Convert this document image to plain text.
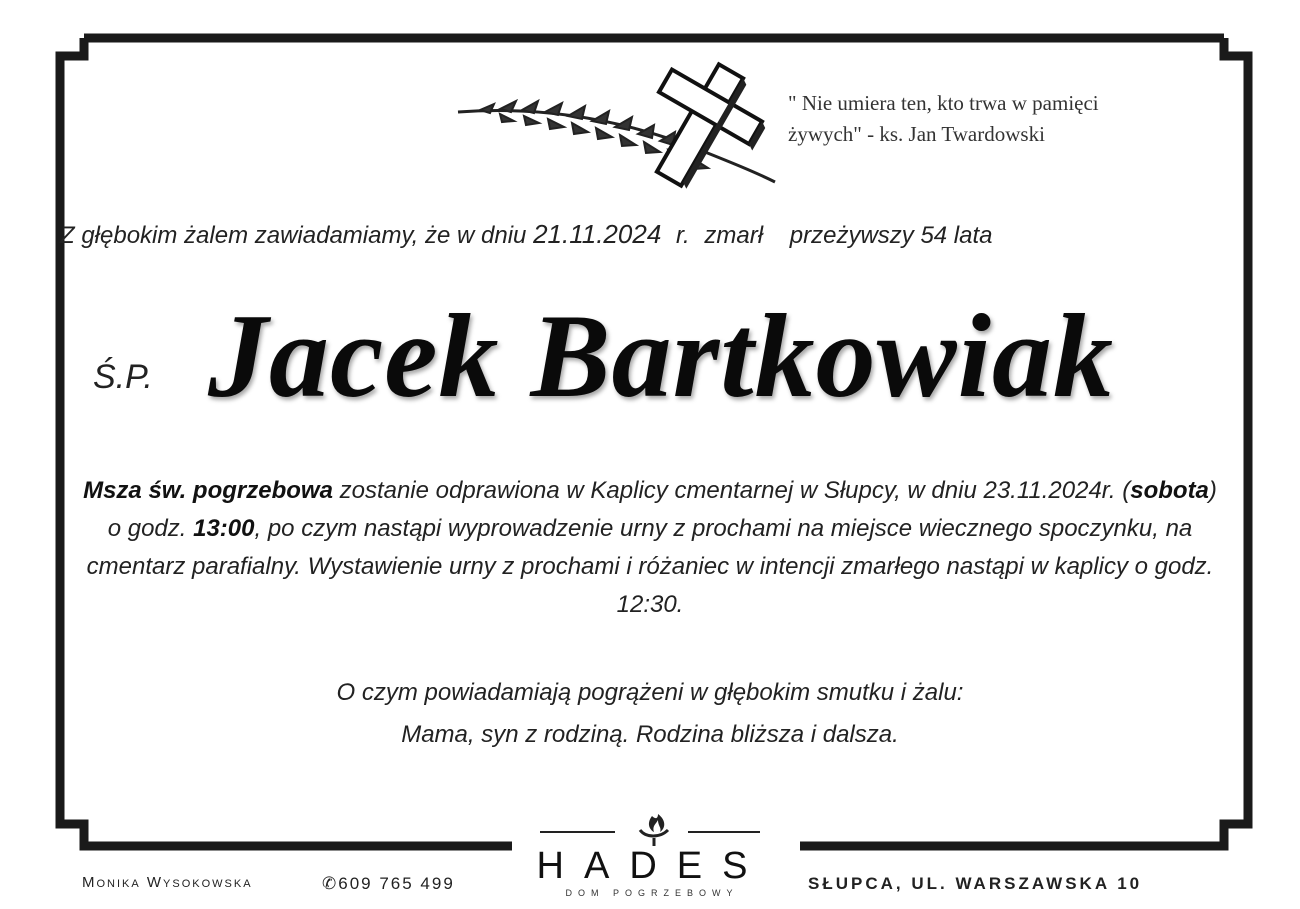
" Nie umiera ten, kto trwa w pamięci
żywych" - ks. Jan Twardowski
Z głębokim żalem zawiadamiamy, że w dniu 21.11.2024 r. zmarł przeżywszy 54 lata
Ś.P. Jacek Bartkowiak
Msza św. pogrzebowa zostanie odprawiona w Kaplicy cmentarnej w Słupcy, w dniu 23.11.2024r. (sobota) o godz. 13:00, po czym nastąpi wyprowadzenie urny z prochami na miejsce wiecznego spoczynku, na cmentarz parafialny. Wystawienie urny z prochami i różaniec w intencji zmarłego nastąpi w kaplicy o godz. 12:30.
O czym powiadamiają pogrążeni w głębokim smutku i żalu:
Mama, syn z rodziną. Rodzina bliższa i dalsza.
Monika Wysokowska	✆609 765 499 HADES
DOM POGRZEBOWY	SŁUPCA, UL. WARSZAWSKA 10
